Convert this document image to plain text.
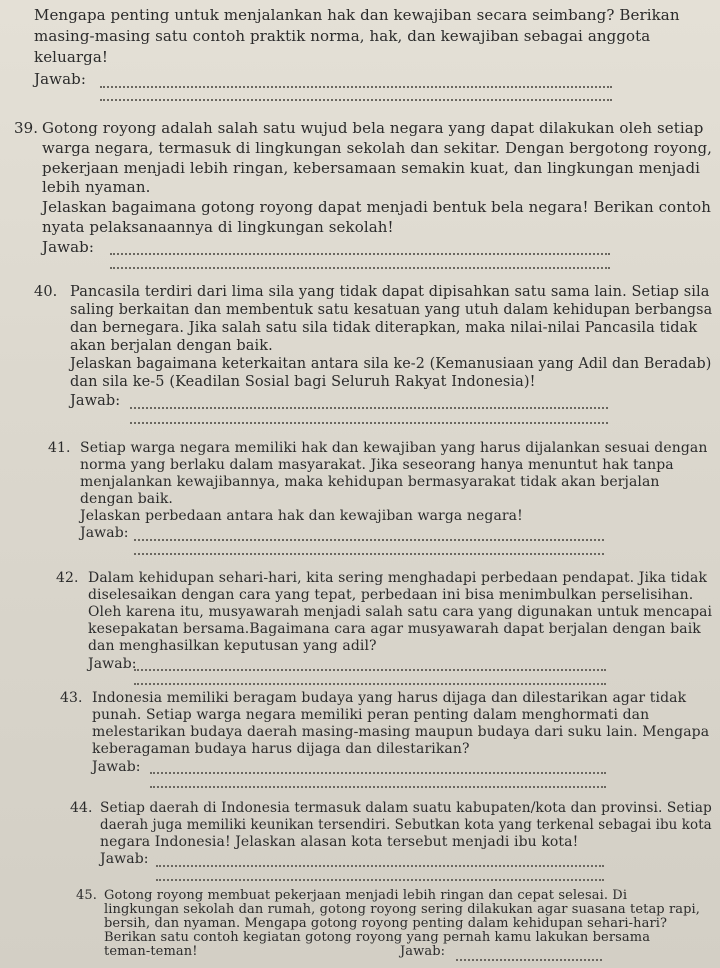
Mengapa penting untuk menjalankan hak dan kewajiban secara seimbang? Berikan
masing-masing satu contoh praktik norma, hak, dan kewajiban sebagai anggota
keluarga!
Jawab:
39. Gotong royong adalah salah satu wujud bela negara yang dapat dilakukan oleh setiap
warga negara, termasuk di lingkungan sekolah dan sekitar. Dengan bergotong royong,
pekerjaan menjadi lebih ringan, kebersamaan semakin kuat, dan lingkungan menjadi
lebih nyaman.
Jelaskan bagaimana gotong royong dapat menjadi bentuk bela negara! Berikan contoh
nyata pelaksanaannya di lingkungan sekolah!
Jawab:
40. Pancasila terdiri dari lima sila yang tidak dapat dipisahkan satu sama lain. Setiap sila
saling berkaitan dan membentuk satu kesatuan yang utuh dalam kehidupan berbangsa
dan bernegara. Jika salah satu sila tidak diterapkan, maka nilai-nilai Pancasila tidak
akan berjalan dengan baik.
Jelaskan bagaimana keterkaitan antara sila ke-2 (Kemanusiaan yang Adil dan Beradab)
dan sila ke-5 (Keadilan Sosial bagi Seluruh Rakyat Indonesia)!
Jawab:
41. Setiap warga negara memiliki hak dan kewajiban yang harus dijalankan sesuai dengan
norma yang berlaku dalam masyarakat. Jika seseorang hanya menuntut hak tanpa
menjalankan kewajibannya, maka kehidupan bermasyarakat tidak akan berjalan
dengan baik.
Jelaskan perbedaan antara hak dan kewajiban warga negara!
Jawab:
42. Dalam kehidupan sehari-hari, kita sering menghadapi perbedaan pendapat. Jika tidak
diselesaikan dengan cara yang tepat, perbedaan ini bisa menimbulkan perselisihan.
Oleh karena itu, musyawarah menjadi salah satu cara yang digunakan untuk mencapai
kesepakatan bersama.Bagaimana cara agar musyawarah dapat berjalan dengan baik
dan menghasilkan keputusan yang adil?
Jawab:
43. Indonesia memiliki beragam budaya yang harus dijaga dan dilestarikan agar tidak
punah. Setiap warga negara memiliki peran penting dalam menghormati dan
melestarikan budaya daerah masing-masing maupun budaya dari suku lain. Mengapa
keberagaman budaya harus dijaga dan dilestarikan?
Jawab:
44. Setiap daerah di Indonesia termasuk dalam suatu kabupaten/kota dan provinsi. Setiap
daerah juga memiliki keunikan tersendiri. Sebutkan kota yang terkenal sebagai ibu kota
negara Indonesia! Jelaskan alasan kota tersebut menjadi ibu kota!
Jawab:
45. Gotong royong membuat pekerjaan menjadi lebih ringan dan cepat selesai. Di
lingkungan sekolah dan rumah, gotong royong sering dilakukan agar suasana tetap rapi,
bersih, dan nyaman. Mengapa gotong royong penting dalam kehidupan sehari-hari?
Berikan satu contoh kegiatan gotong royong yang pernah kamu lakukan bersama
teman-teman!	Jawab:
